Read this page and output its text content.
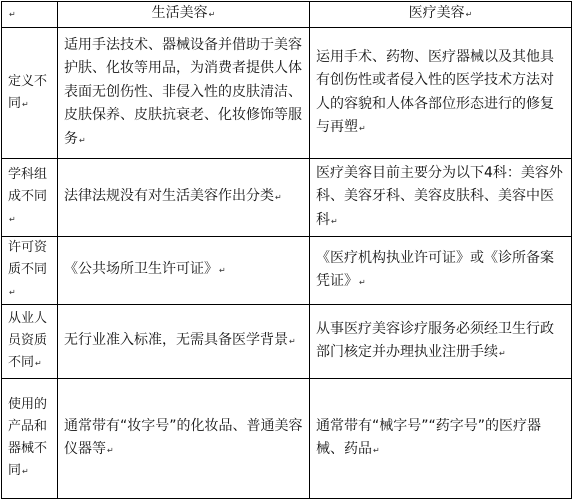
↵	生活美容↵	医疗美容↵
定义不同↵	适用手法技术、器械设备并借助于美容护肤、化妆等用品，为消费者提供人体表面无创伤性、非侵入性的皮肤清洁、皮肤保养、皮肤抗衰老、化妆修饰等服务↵	运用手术、药物、医疗器械以及其他具有创伤性或者侵入性的医学技术方法对人的容貌和人体各部位形态进行的修复与再塑↵
学科组成不同↵	法律法规没有对生活美容作出分类↵	医疗美容目前主要分为以下4科：美容外科、美容牙科、美容皮肤科、美容中医科↵
许可资质不同↵	《公共场所卫生许可证》↵	《医疗机构执业许可证》或《诊所备案凭证》↵
从业人员资质不同↵	无行业准入标准，无需具备医学背景↵	从事医疗美容诊疗服务必须经卫生行政部门核定并办理执业注册手续↵
使用的产品和器械不同↵	通常带有“妆字号”的化妆品、普通美容仪器等↵	通常带有“械字号”“药字号”的医疗器械、药品↵
